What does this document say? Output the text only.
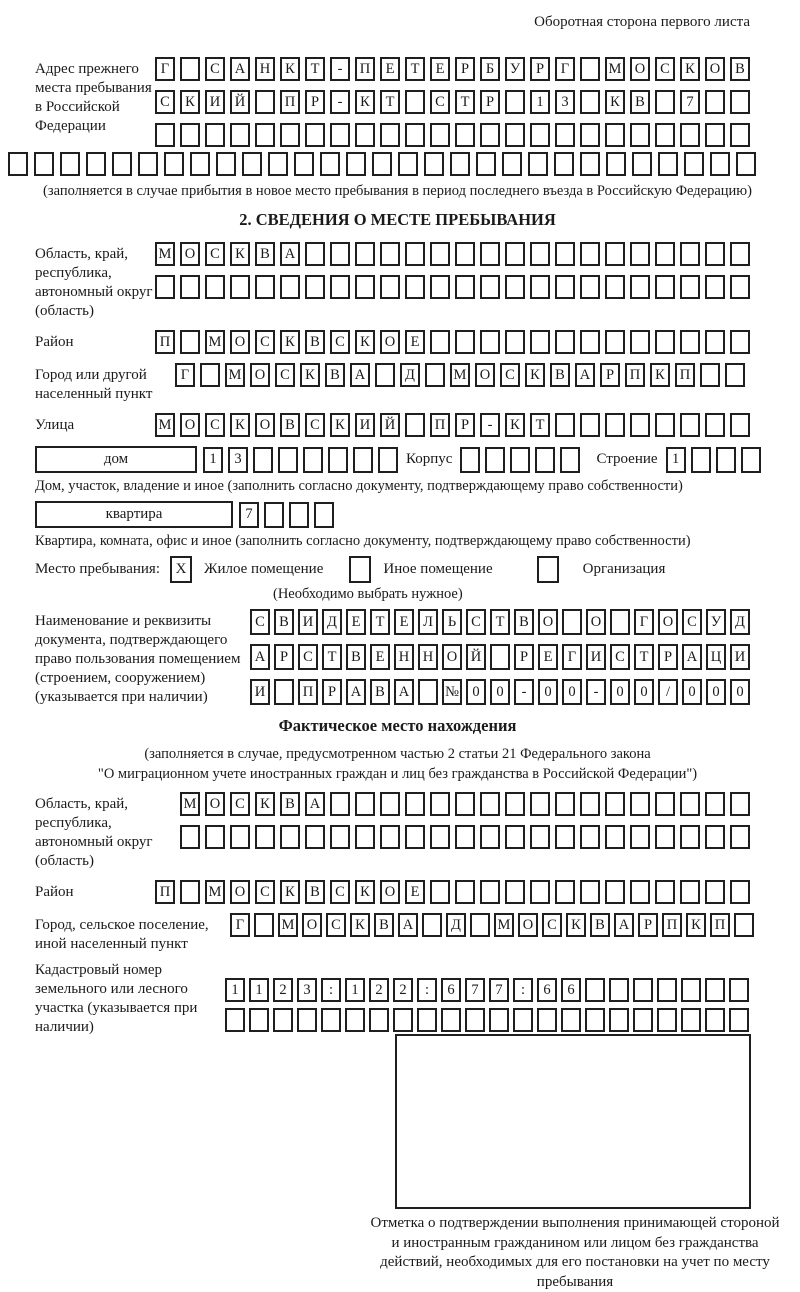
Оборотная сторона первого листа
Адрес прежнего места пребывания в Российской Федерации
Г	С	А	Н	К	Т	-	П	Е	Т	Е	Р	Б	У	Р	Г	М О	С	К	О	В
С	К	И	Й	П	Р	-	К	Т	С	Т	Р	1	3	К	В	7
(заполняется в случае прибытия в новое место пребывания в период последнего въезда в Российскую Федерацию)
2. СВЕДЕНИЯ О МЕСТЕ ПРЕБЫВАНИЯ
Область, край, республика, автономный округ (область)
М О	С	К	В	А
Район	П	М О	С	К	В	С	К	О	Е
Город или другой населенный пункт
Г	М О	С	К	В	А	Д	М О	С	К	В	А	Р	П	К	П
Улица	М О	С	К	О	В	С	К	И	Й	П	Р	-	К	Т
дом	1	3	Корпус	Строение 1
Дом, участок, владение и иное (заполнить согласно документу, подтверждающему право собственности)
квартира	7
Квартира, комната, офис и иное (заполнить согласно документу, подтверждающему право собственности)
Место пребывания:	X	Жилое помещение	Иное помещение	Организация
(Необходимо выбрать нужное)
Наименование и реквизиты документа, подтверждающего право пользования помещением (строением, сооружением) (указывается при наличии)
С В И Д	Е	Т	Е	Л	Ь	С	Т	В О	О	Г	О С У Д
А	Р	С	Т	В	Е Н Н О Й	Р	Е	Г	И С	Т	Р	А Ц И
И	П	Р	А В А	№ 0	0	-	0	0	-	0	0	/	0	0	0
Фактическое место нахождения
(заполняется в случае, предусмотренном частью 2 статьи 21 Федерального закона
"О миграционном учете иностранных граждан и лиц без гражданства в Российской Федерации")
Область, край, республика, автономный округ (область)
М О	С	К	В	А
Район	П	М О	С	К	В	С	К	О	Е
Город, сельское поселение, иной населенный пункт
Г	М О С К В А	Д	М О С К В А	Р	П К П
Кадастровый номер земельного или лесного участка (указывается при наличии)
1	1	2	3	:	1	2	2	:	6	7	7	:	6	6
Отметка о подтверждении выполнения принимающей стороной и иностранным гражданином или лицом без гражданства действий, необходимых для его постановки на учет по месту пребывания
